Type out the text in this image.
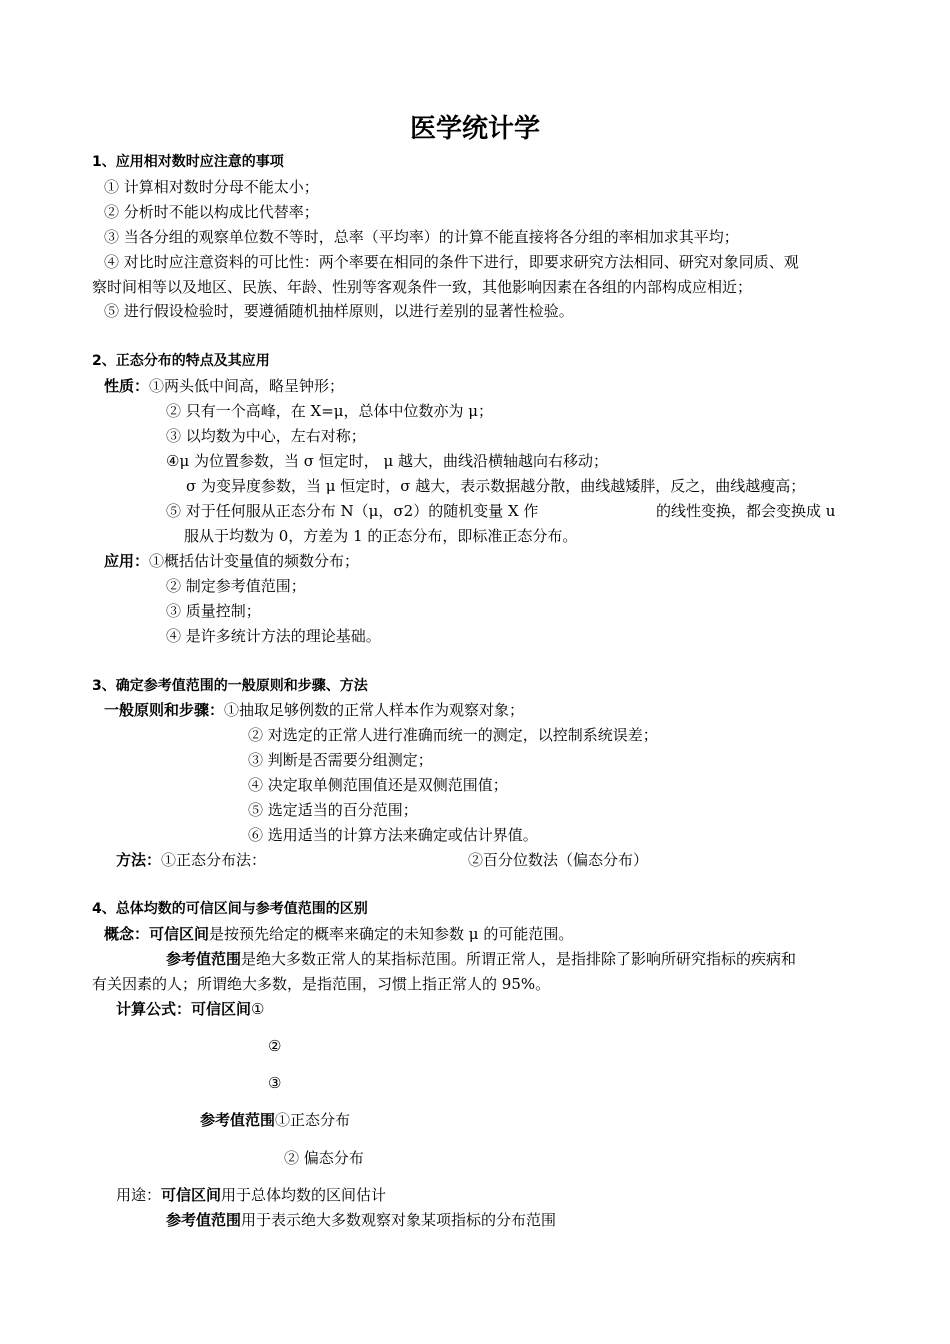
医学统计学
1、应用相对数时应注意的事项
① 计算相对数时分母不能太小；
② 分析时不能以构成比代替率；
③ 当各分组的观察单位数不等时，总率（平均率）的计算不能直接将各分组的率相加求其平均；
④ 对比时应注意资料的可比性：两个率要在相同的条件下进行，即要求研究方法相同、研究对象同质、观
察时间相等以及地区、民族、年龄、性别等客观条件一致，其他影响因素在各组的内部构成应相近；
⑤ 进行假设检验时，要遵循随机抽样原则，以进行差别的显著性检验。
2、正态分布的特点及其应用
性质：①两头低中间高，略呈钟形；
② 只有一个高峰，在 X=μ，总体中位数亦为 μ；
③ 以均数为中心，左右对称；
④μ 为位置参数，当 σ 恒定时， μ 越大，曲线沿横轴越向右移动；
σ 为变异度参数，当 μ 恒定时，σ 越大，表示数据越分散，曲线越矮胖，反之，曲线越瘦高；
⑤ 对于任何服从正态分布 N（μ，σ2）的随机变量 X 作	的线性变换，都会变换成 u
服从于均数为 0，方差为 1 的正态分布，即标准正态分布。
应用：①概括估计变量值的频数分布；
② 制定参考值范围；
③ 质量控制；
④ 是许多统计方法的理论基础。
3、确定参考值范围的一般原则和步骤、方法
一般原则和步骤：①抽取足够例数的正常人样本作为观察对象；
② 对选定的正常人进行准确而统一的测定，以控制系统误差；
③ 判断是否需要分组测定；
④ 决定取单侧范围值还是双侧范围值；
⑤ 选定适当的百分范围；
⑥ 选用适当的计算方法来确定或估计界值。
方法：①正态分布法：	②百分位数法（偏态分布）
4、总体均数的可信区间与参考值范围的区别
概念：可信区间是按预先给定的概率来确定的未知参数 μ 的可能范围。
参考值范围是绝大多数正常人的某指标范围。所谓正常人，是指排除了影响所研究指标的疾病和
有关因素的人；所谓绝大多数，是指范围，习惯上指正常人的 95%。
计算公式：可信区间①
②
③
参考值范围①正态分布
② 偏态分布
用途：可信区间用于总体均数的区间估计
参考值范围用于表示绝大多数观察对象某项指标的分布范围
